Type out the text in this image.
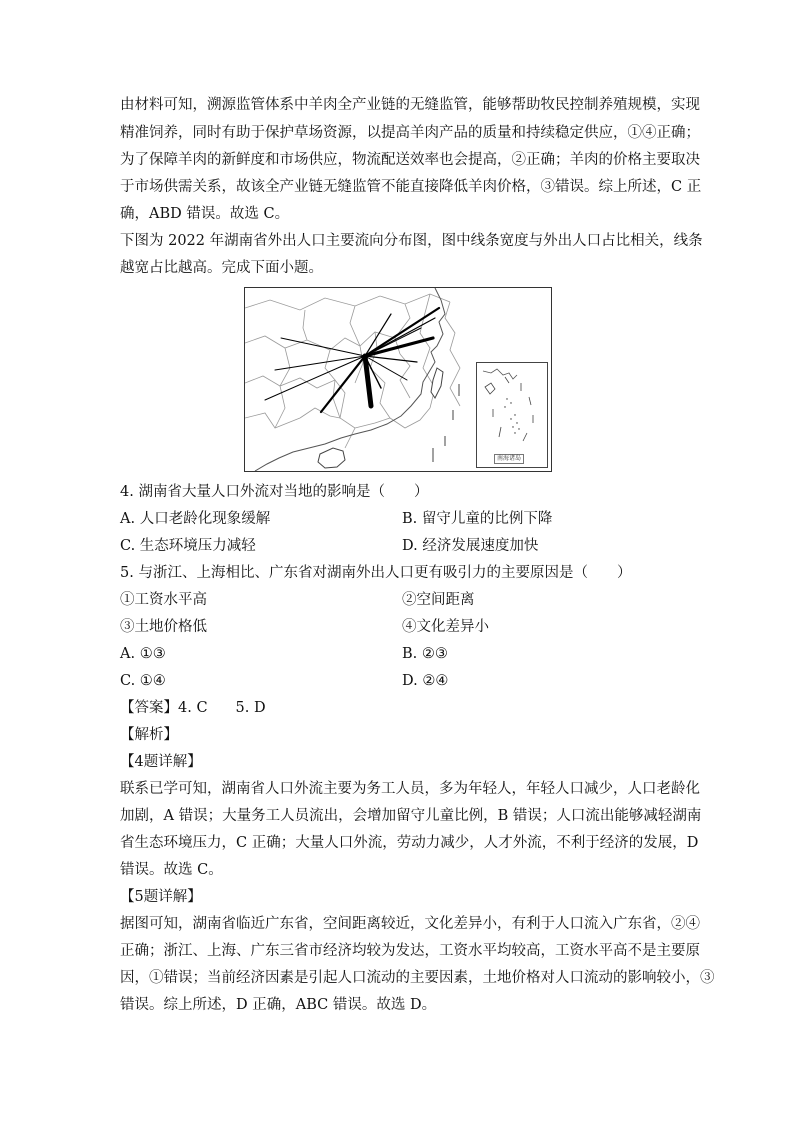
由材料可知，溯源监管体系中羊肉全产业链的无缝监管，能够帮助牧民控制养殖规模，实现
精准饲养，同时有助于保护草场资源，以提高羊肉产品的质量和持续稳定供应，①④正确；
为了保障羊肉的新鲜度和市场供应，物流配送效率也会提高，②正确；羊肉的价格主要取决
于市场供需关系，故该全产业链无缝监管不能直接降低羊肉价格，③错误。综上所述，C 正
确，ABD 错误。故选 C。
下图为 2022 年湖南省外出人口主要流向分布图，图中线条宽度与外出人口占比相关，线条
越宽占比越高。完成下面小题。
南海诸岛
4. 湖南省大量人口外流对当地的影响是（　　）
A. 人口老龄化现象缓解	B. 留守儿童的比例下降
C. 生态环境压力减轻	D. 经济发展速度加快
5. 与浙江、上海相比、广东省对湖南外出人口更有吸引力的主要原因是（　　）
①工资水平高	②空间距离
③土地价格低	④文化差异小
A. ①③	B. ②③
C. ①④	D. ②④
【答案】4. C 5. D
【解析】
【4题详解】
联系已学可知，湖南省人口外流主要为务工人员，多为年轻人，年轻人口减少，人口老龄化
加剧，A 错误；大量务工人员流出，会增加留守儿童比例，B 错误；人口流出能够减轻湖南
省生态环境压力，C 正确；大量人口外流，劳动力减少，人才外流，不利于经济的发展，D
错误。故选 C。
【5题详解】
据图可知，湖南省临近广东省，空间距离较近，文化差异小，有利于人口流入广东省，②④
正确；浙江、上海、广东三省市经济均较为发达，工资水平均较高，工资水平高不是主要原
因，①错误；当前经济因素是引起人口流动的主要因素，土地价格对人口流动的影响较小，③
错误。综上所述，D 正确，ABC 错误。故选 D。
